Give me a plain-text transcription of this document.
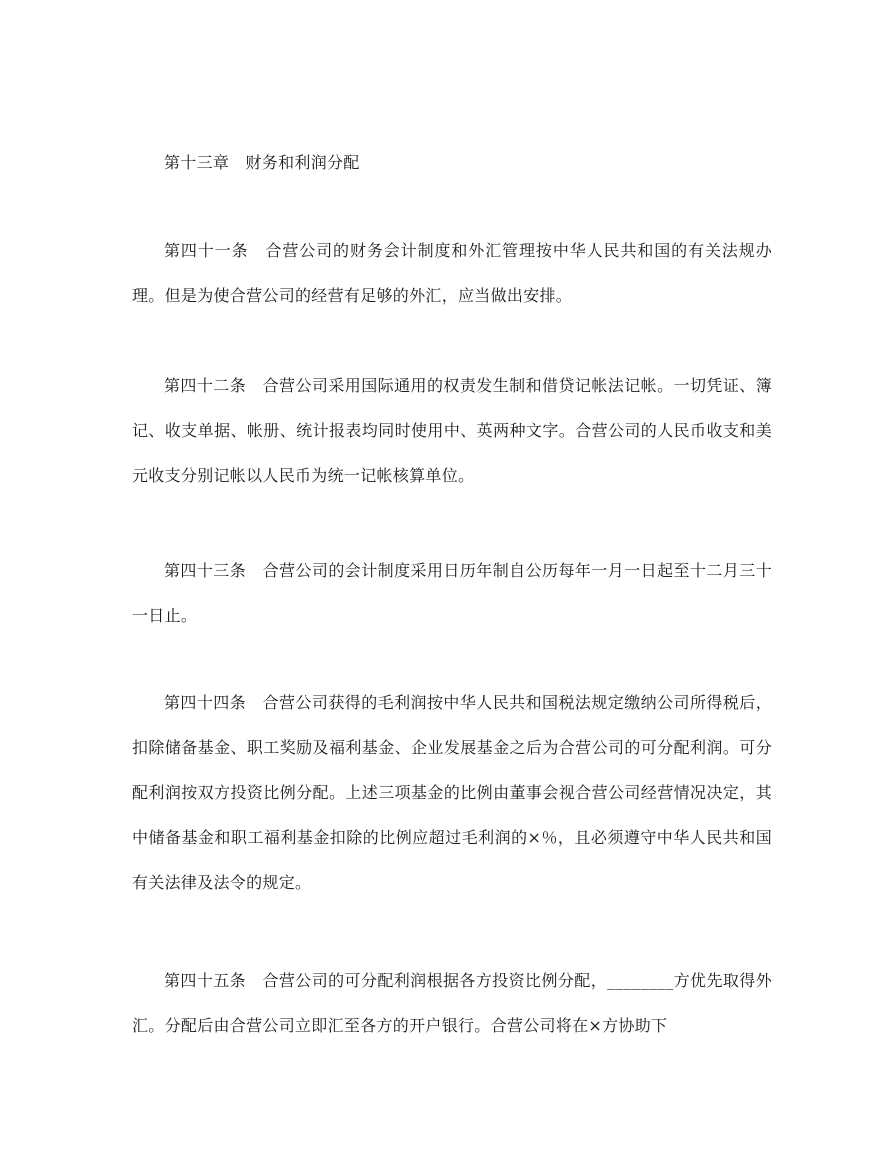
第十三章　财务和利润分配

第四十一条　合营公司的财务会计制度和外汇管理按中华人民共和国的有关法规办理。但是为使合营公司的经营有足够的外汇，应当做出安排。

第四十二条　合营公司采用国际通用的权责发生制和借贷记帐法记帐。一切凭证、簿记、收支单据、帐册、统计报表均同时使用中、英两种文字。合营公司的人民币收支和美元收支分别记帐以人民币为统一记帐核算单位。

第四十三条　合营公司的会计制度采用日历年制自公历每年一月一日起至十二月三十一日止。

第四十四条　合营公司获得的毛利润按中华人民共和国税法规定缴纳公司所得税后，扣除储备基金、职工奖励及福利基金、企业发展基金之后为合营公司的可分配利润。可分配利润按双方投资比例分配。上述三项基金的比例由董事会视合营公司经营情况决定，其中储备基金和职工福利基金扣除的比例应超过毛利润的×％，且必须遵守中华人民共和国有关法律及法令的规定。

第四十五条　合营公司的可分配利润根据各方投资比例分配，________方优先取得外汇。分配后由合营公司立即汇至各方的开户银行。合营公司将在×方协助下
